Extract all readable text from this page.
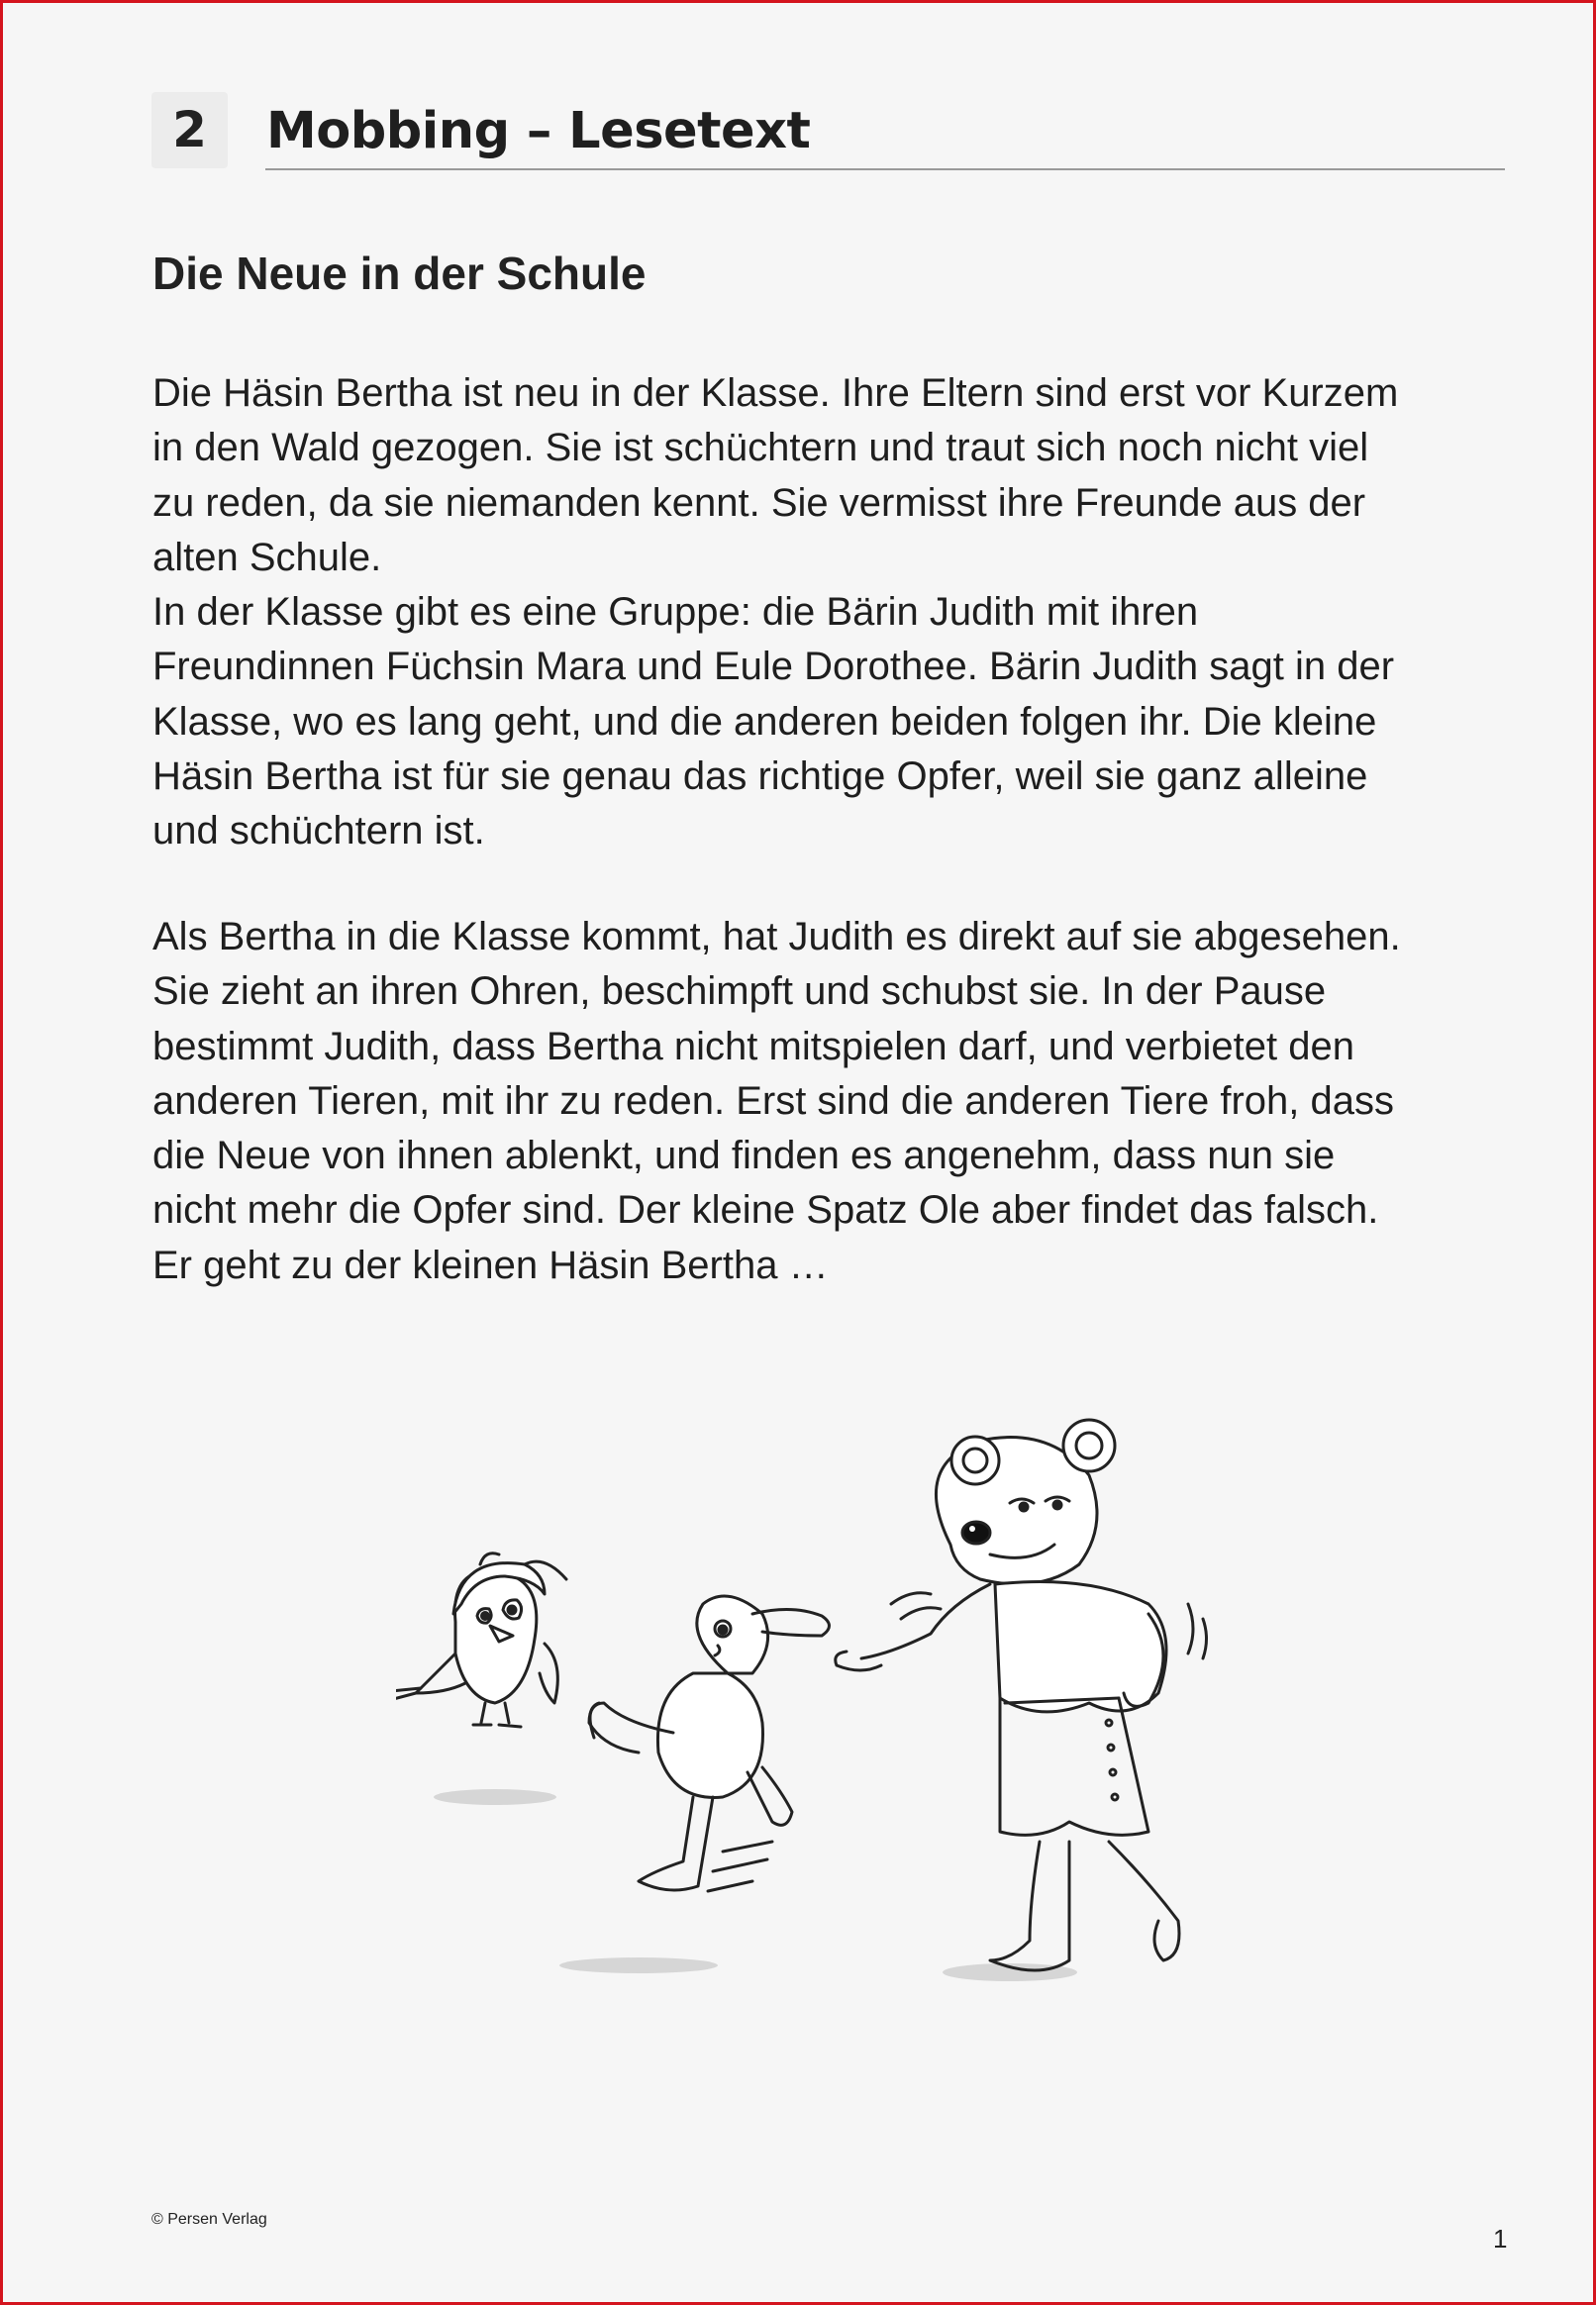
2	Mobbing – Lesetext
Die Neue in der Schule
Die Häsin Bertha ist neu in der Klasse. Ihre Eltern sind erst vor Kurzem
in den Wald gezogen. Sie ist schüchtern und traut sich noch nicht viel
zu reden, da sie niemanden kennt. Sie vermisst ihre Freunde aus der
alten Schule.
In der Klasse gibt es eine Gruppe: die Bärin Judith mit ihren
Freundinnen Füchsin Mara und Eule Dorothee. Bärin Judith sagt in der
Klasse, wo es lang geht, und die anderen beiden folgen ihr. Die kleine
Häsin Bertha ist für sie genau das richtige Opfer, weil sie ganz alleine
und schüchtern ist.
Als Bertha in die Klasse kommt, hat Judith es direkt auf sie abgesehen.
Sie zieht an ihren Ohren, beschimpft und schubst sie. In der Pause
bestimmt Judith, dass Bertha nicht mitspielen darf, und verbietet den
anderen Tieren, mit ihr zu reden. Erst sind die anderen Tiere froh, dass
die Neue von ihnen ablenkt, und finden es angenehm, dass nun sie
nicht mehr die Opfer sind. Der kleine Spatz Ole aber findet das falsch.
Er geht zu der kleinen Häsin Bertha …
© Persen Verlag
1
